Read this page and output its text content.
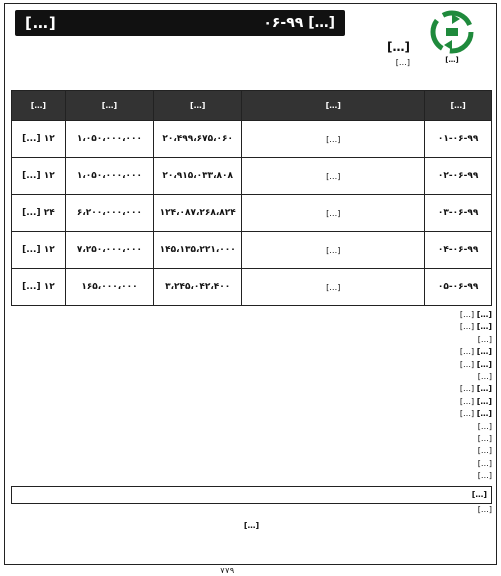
[…] ۰۶-۹۹
[…]
[…]
[…]
[…]
[…]	[…]	[…]	[…]	[…]
۰۱-۰۶-۹۹	[…]	۲۰،۴۹۹،۶۷۵،۰۶۰	۱،۰۵۰،۰۰۰،۰۰۰	۱۲ [...]
۰۲-۰۶-۹۹	[…]	۲۰،۹۱۵،۰۳۳،۸۰۸	۱،۰۵۰،۰۰۰،۰۰۰	۱۲ [...]
۰۳-۰۶-۹۹	[…]	۱۲۴،۰۸۷،۲۶۸،۸۲۴	۶،۲۰۰،۰۰۰،۰۰۰	۲۴ [...]
۰۴-۰۶-۹۹	[…]	۱۴۵،۱۳۵،۲۲۱،۰۰۰	۷،۲۵۰،۰۰۰،۰۰۰	۱۲ [...]
۰۵-۰۶-۹۹	[…]	۳،۲۴۵،۰۴۲،۴۰۰	۱۶۵،۰۰۰،۰۰۰	۱۲ [...]
[…] […]
[…] […]
[…]
[…] […]
[…] […]
[…]
[…] […]
[…] […]
[…] […]
[…]
[…]
[…]
[…]
[…]
[…]
[…]
[…]
۷۷۹
